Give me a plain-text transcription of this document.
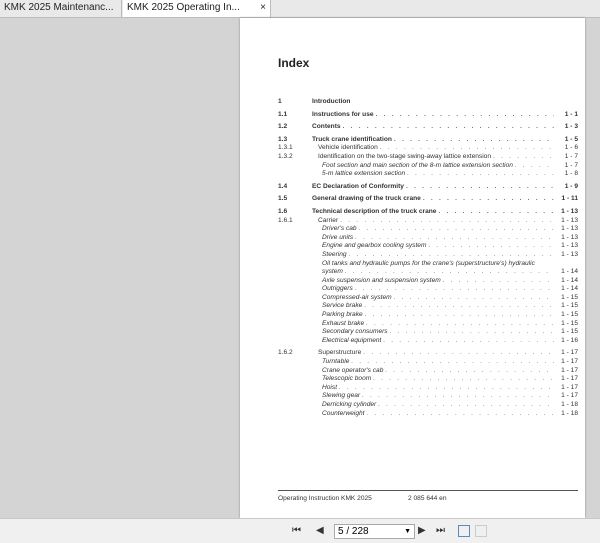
KMK 2025 Maintenanc...	KMK 2025 Operating In... ×
Index
1	Introduction
1.1	Instructions for use . . .	1 - 1
1.2	Contents . . .	1 - 3
1.3	Truck crane identification . . .	1 - 5
1.3.1	Vehicle identification . . .	1 - 6
1.3.2	Identification on the two-stage swing-away lattice extension . . .	1 - 7
Foot section and main section of the 8-m lattice extension section . . .	1 - 7
5-m lattice extension section . . .	1 - 8
1.4	EC Declaration of Conformity . . .	1 - 9
1.5	General drawing of the truck crane . . .	1 - 11
1.6	Technical description of the truck crane . . .	1 - 13
1.6.1	Carrier . . .	1 - 13
Driver's cab . . .	1 - 13
Drive units . . .	1 - 13
Engine and gearbox cooling system . . .	1 - 13
Steering . . .	1 - 13
Oil tanks and hydraulic pumps for the crane's (superstructure's) hydraulic
system . . .	1 - 14
Axle suspension and suspension system . . .	1 - 14
Outriggers . . .	1 - 14
Compressed-air system . . .	1 - 15
Service brake . . .	1 - 15
Parking brake . . .	1 - 15
Exhaust brake . . .	1 - 15
Secondary consumers . . .	1 - 15
Electrical equipment . . .	1 - 16
1.6.2	Superstructure . . .	1 - 17
Turntable . . .	1 - 17
Crane operator's cab . . .	1 - 17
Telescopic boom . . .	1 - 17
Hoist . . .	1 - 17
Slewing gear . . .	1 - 17
Derricking cylinder . . .	1 - 18
Counterweight . . .	1 - 18
Operating Instruction KMK 2025	2 085 644 en
⏮ ◀	5 / 228	▼ ▶ ⏭
